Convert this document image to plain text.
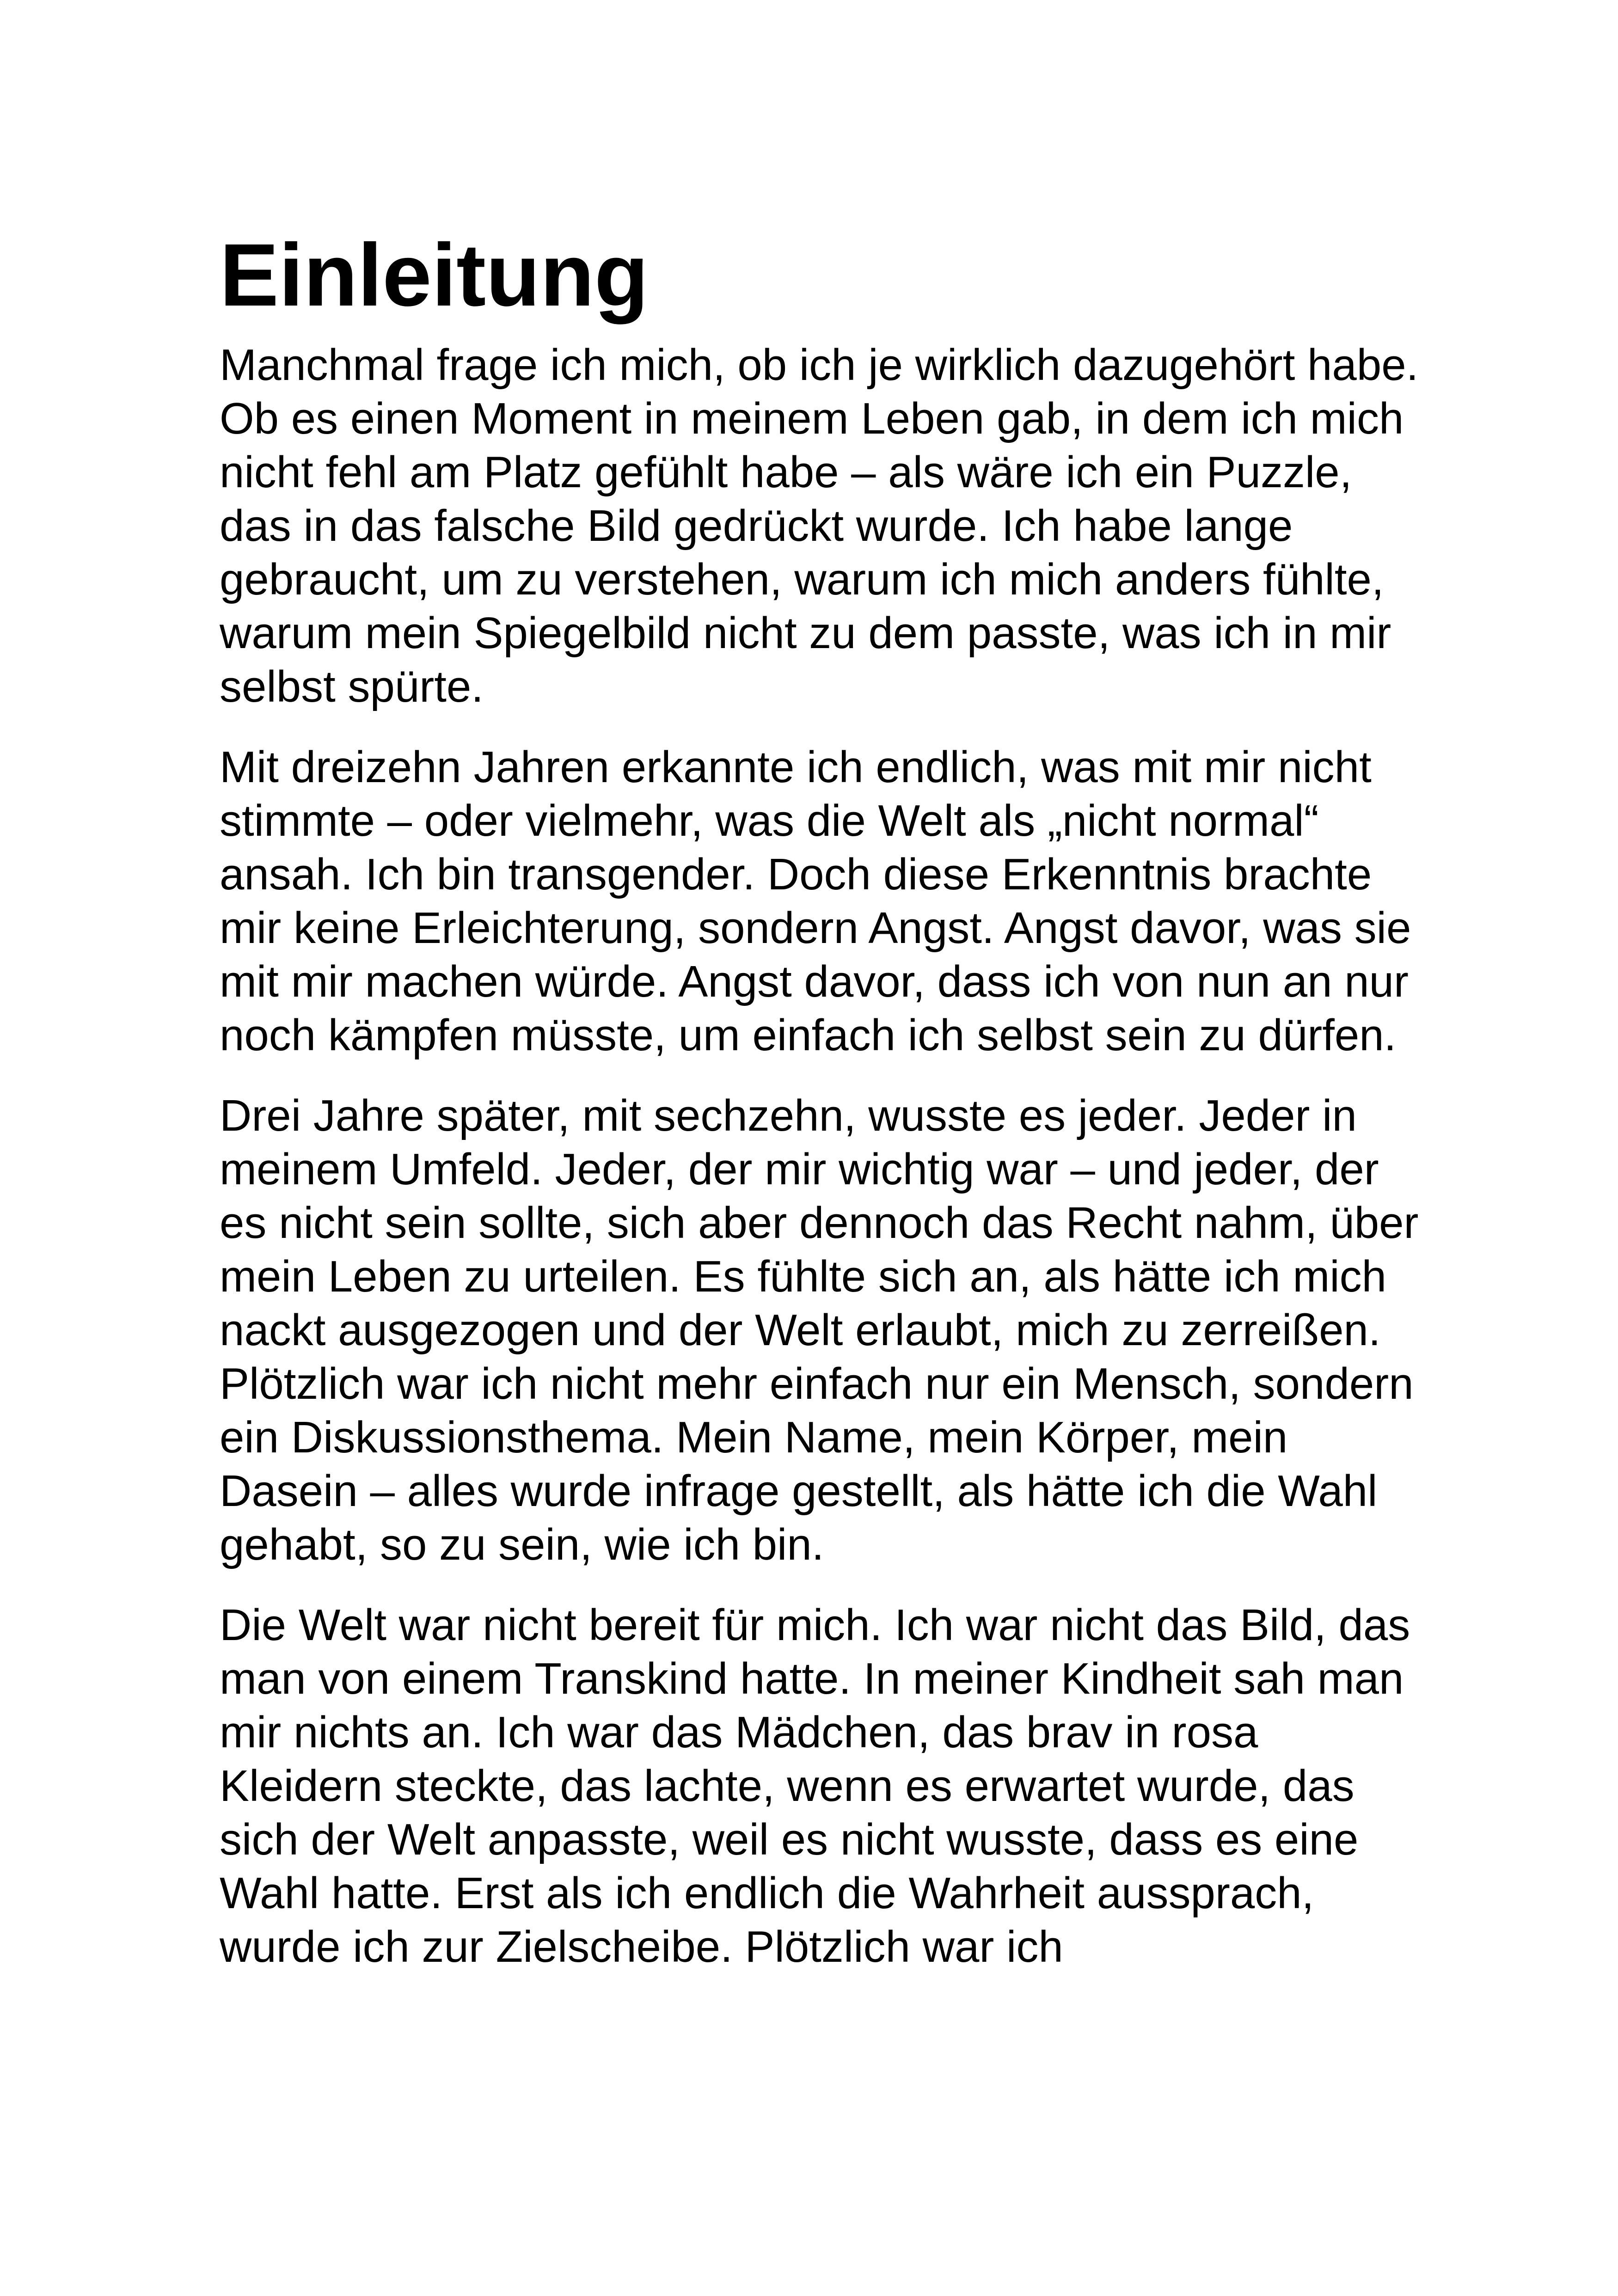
Einleitung

Manchmal frage ich mich, ob ich je wirklich dazugehört habe. Ob es einen Moment in meinem Leben gab, in dem ich mich nicht fehl am Platz gefühlt habe – als wäre ich ein Puzzle, das in das falsche Bild gedrückt wurde. Ich habe lange gebraucht, um zu verstehen, warum ich mich anders fühlte, warum mein Spiegelbild nicht zu dem passte, was ich in mir selbst spürte.

Mit dreizehn Jahren erkannte ich endlich, was mit mir nicht stimmte – oder vielmehr, was die Welt als „nicht normal“ ansah. Ich bin transgender. Doch diese Erkenntnis brachte mir keine Erleichterung, sondern Angst. Angst davor, was sie mit mir machen würde. Angst davor, dass ich von nun an nur noch kämpfen müsste, um einfach ich selbst sein zu dürfen.

Drei Jahre später, mit sechzehn, wusste es jeder. Jeder in meinem Umfeld. Jeder, der mir wichtig war – und jeder, der es nicht sein sollte, sich aber dennoch das Recht nahm, über mein Leben zu urteilen. Es fühlte sich an, als hätte ich mich nackt ausgezogen und der Welt erlaubt, mich zu zerreißen. Plötzlich war ich nicht mehr einfach nur ein Mensch, sondern ein Diskussionsthema. Mein Name, mein Körper, mein Dasein – alles wurde infrage gestellt, als hätte ich die Wahl gehabt, so zu sein, wie ich bin.

Die Welt war nicht bereit für mich. Ich war nicht das Bild, das man von einem Transkind hatte. In meiner Kindheit sah man mir nichts an. Ich war das Mädchen, das brav in rosa Kleidern steckte, das lachte, wenn es erwartet wurde, das sich der Welt anpasste, weil es nicht wusste, dass es eine Wahl hatte. Erst als ich endlich die Wahrheit aussprach, wurde ich zur Zielscheibe. Plötzlich war ich
